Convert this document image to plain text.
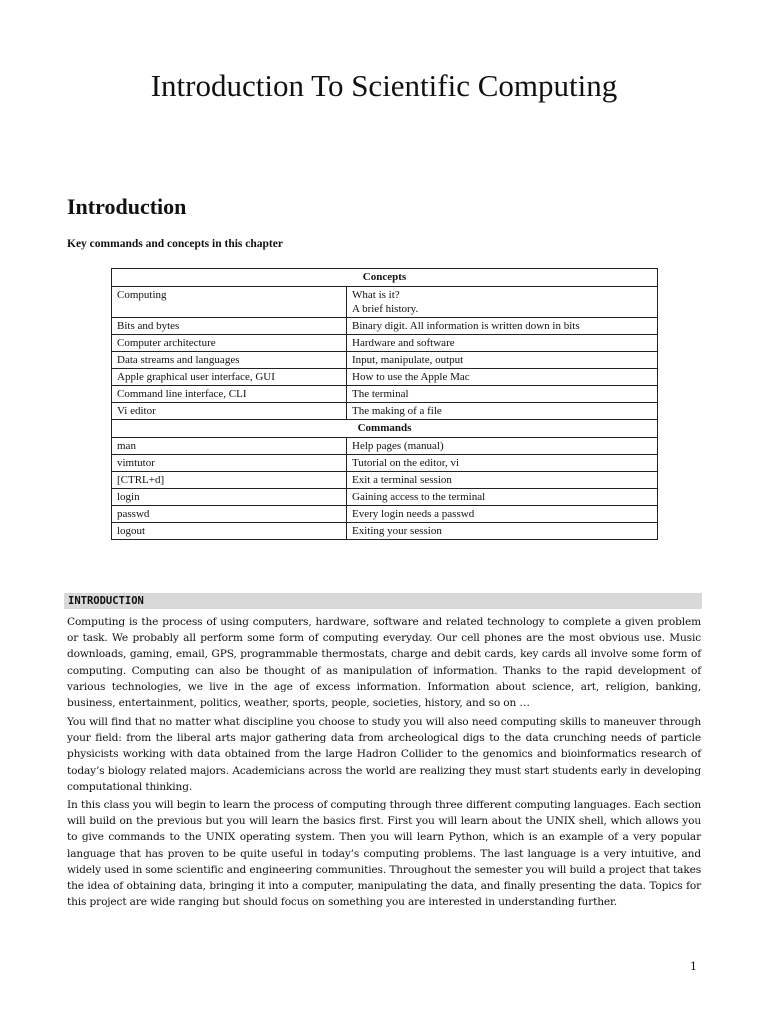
Introduction To Scientific Computing
Introduction

Key commands and concepts in this chapter

Concepts	
Computing	What is it?
A brief history.

Bits and bytes	Binary digit. All information is written down in bits
Computer architecture	Hardware and software
Data streams and languages	Input, manipulate, output
Apple graphical user interface, GUI	How to use the Apple Mac
Command line interface, CLI	The terminal
Vi editor	The making of a file
Commands	
man	Help pages (manual)
vimtutor	Tutorial on the editor, vi
[CTRL+d]	Exit a terminal session
login	Gaining access to the terminal
passwd	Every login needs a passwd
logout	Exiting your session
INTRODUCTION

Computing is the process of using computers, hardware, software and related technology to complete a given problem or task. We probably all perform some form of computing everyday. Our cell phones are the most obvious use. Music downloads, gaming, email, GPS, programmable thermostats, charge and debit cards, key cards all involve some form of computing. Computing can also be thought of as manipulation of information. Thanks to the rapid development of various technologies, we live in the age of excess information. Information about science, art, religion, banking, business, entertainment, politics, weather, sports, people, societies, history, and so on …

You will find that no matter what discipline you choose to study you will also need computing skills to maneuver through your field: from the liberal arts major gathering data from archeological digs to the data crunching needs of particle physicists working with data obtained from the large Hadron Collider to the genomics and bioinformatics research of today’s biology related majors. Academicians across the world are realizing they must start students early in developing computational thinking.

In this class you will begin to learn the process of computing through three different computing languages. Each section will build on the previous but you will learn the basics first. First you will learn about the UNIX shell, which allows you to give commands to the UNIX operating system. Then you will learn Python, which is an example of a very popular language that has proven to be quite useful in today’s computing problems. The last language is a very intuitive, and widely used in some scientific and engineering communities. Throughout the semester you will build a project that takes the idea of obtaining data, bringing it into a computer, manipulating the data, and finally presenting the data. Topics for this project are wide ranging but should focus on something you are interested in understanding further.

1
